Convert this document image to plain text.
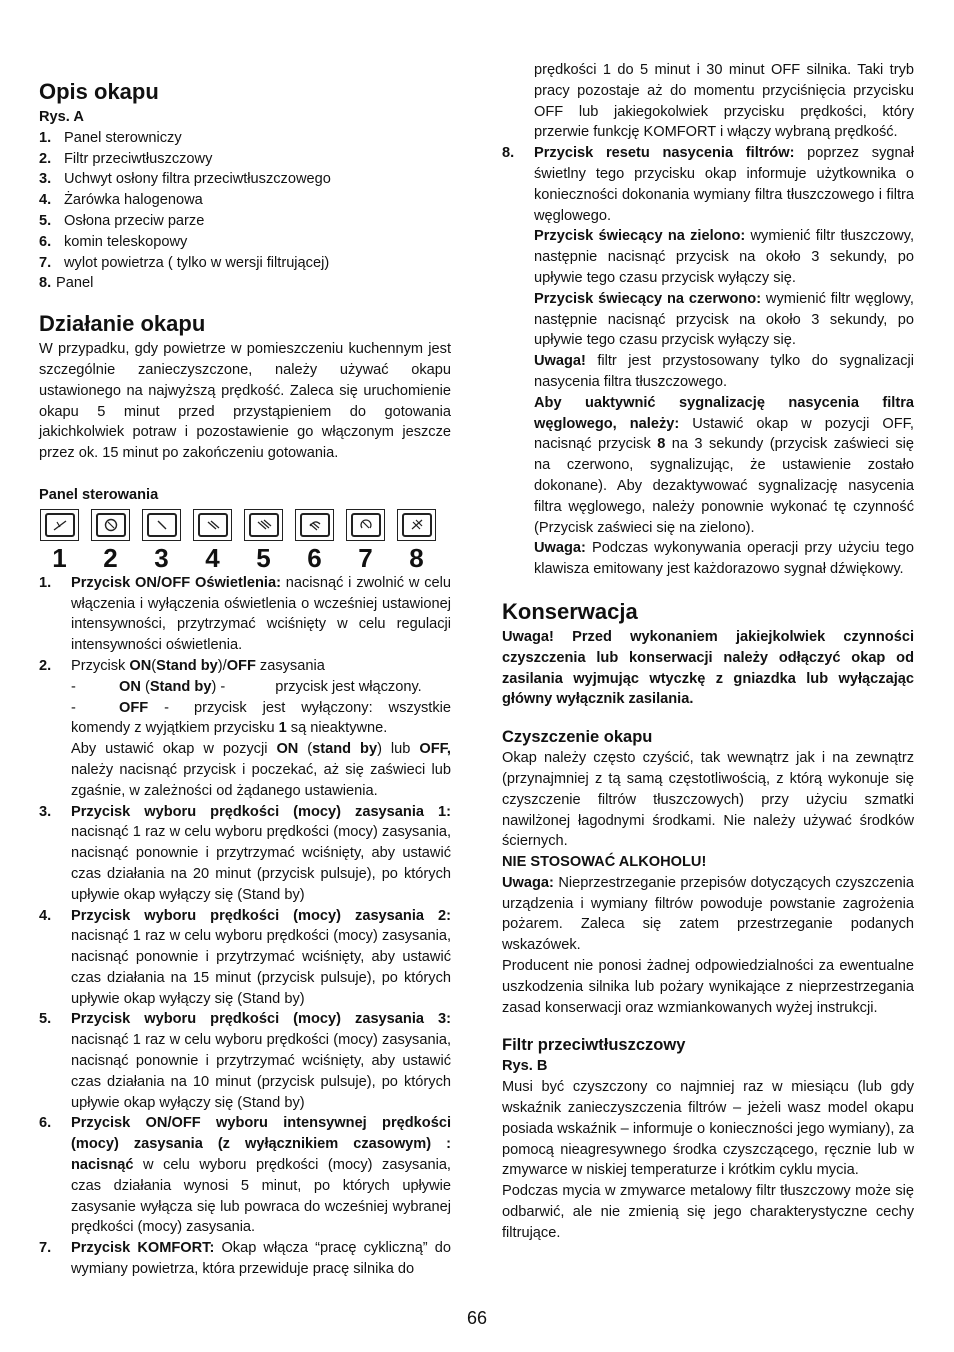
Opis okapu
Rys. A
1. Panel sterowniczy
2. Filtr przeciwtłuszczowy
3. Uchwyt osłony filtra przeciwtłuszczowego
4. Żarówka halogenowa
5. Osłona przeciw parze
6. komin teleskopowy
7. wylot powietrza ( tylko w wersji filtrującej)
8. Panel
Działanie okapu

W przypadku, gdy powietrze w pomieszczeniu kuchennym jest szczególnie zanieczyszczone, należy używać okapu ustawionego na najwyższą prędkość. Zaleca się uruchomienie okapu 5 minut przed przystąpieniem do gotowania jakichkolwiek potraw i pozostawienie go włączonym jeszcze przez ok. 15 minut po zakończeniu gotowania.

Panel sterowania
1 2 3 4 5 6 7 8
1.	Przycisk ON/OFF Oświetlenia: nacisnąć i zwolnić w celu włączenia i wyłączenia oświetlenia o wcześniej ustawionej intensywności, przytrzymać wciśnięty w celu regulacji intensywności oświetlenia.

2.	Przycisk ON(Stand by)/OFF zasysania

-	ON (Stand by) -	przycisk jest włączony.

-	OFF - przycisk jest wyłączony: wszystkie komendy z wyjątkiem przycisku 1 są nieaktywne.

Aby ustawić okap w pozycji ON (stand by) lub OFF, należy nacisnąć przycisk i poczekać, aż się zaświeci lub zgaśnie, w zależności od żądanego ustawienia.

3.	Przycisk wyboru prędkości (mocy) zasysania 1: nacisnąć 1 raz w celu wyboru prędkości (mocy) zasysania, nacisnąć ponownie i przytrzymać wciśnięty, aby ustawić czas działania na 20 minut (przycisk pulsuje), po których upływie okap wyłączy się (Stand by)

4.	Przycisk wyboru prędkości (mocy) zasysania 2: nacisnąć 1 raz w celu wyboru prędkości (mocy) zasysania, nacisnąć ponownie i przytrzymać wciśnięty, aby ustawić czas działania na 15 minut (przycisk pulsuje), po których upływie okap wyłączy się (Stand by)

5.	Przycisk wyboru prędkości (mocy) zasysania 3: nacisnąć 1 raz w celu wyboru prędkości (mocy) zasysania, nacisnąć ponownie i przytrzymać wciśnięty, aby ustawić czas działania na 10 minut (przycisk pulsuje), po których upływie okap wyłączy się (Stand by)

6.	Przycisk ON/OFF wyboru intensywnej prędkości (mocy) zasysania (z wyłącznikiem czasowym) : nacisnąć w celu wyboru prędkości (mocy) zasysania, czas działania wynosi 5 minut, po których upływie zasysanie wyłącza się lub powraca do wcześniej wybranej prędkości (mocy) zasysania.

7.	Przycisk KOMFORT: Okap włącza “pracę cykliczną” do wymiany powietrza, która przewiduje pracę silnika do

prędkości 1 do 5 minut i 30 minut OFF silnika. Taki tryb pracy pozostaje aż do momentu przyciśnięcia przycisku OFF lub jakiegokolwiek przycisku prędkości, który przerwie funkcję KOMFORT i włączy wybraną prędkość.

8.	Przycisk resetu nasycenia filtrów: poprzez sygnał świetlny tego przycisku okap informuje użytkownika o konieczności dokonania wymiany filtra tłuszczowego i filtra węglowego.

Przycisk świecący na zielono: wymienić filtr tłuszczowy, następnie nacisnąć przycisk na około 3 sekundy, po upływie tego czasu przycisk wyłączy się.

Przycisk świecący na czerwono: wymienić filtr węglowy, następnie nacisnąć przycisk na około 3 sekundy, po upływie tego czasu przycisk wyłączy się.

Uwaga! filtr jest przystosowany tylko do sygnalizacji nasycenia filtra tłuszczowego.

Aby uaktywnić sygnalizację nasycenia filtra węglowego, należy: Ustawić okap w pozycji OFF, nacisnąć przycisk 8 na 3 sekundy (przycisk zaświeci się na czerwono, sygnalizując, że ustawienie zostało dokonane). Aby dezaktywować sygnalizację nasycenia filtra węglowego, należy ponownie wykonać tę czynność (Przycisk zaświeci się na zielono).

Uwaga: Podczas wykonywania operacji przy użyciu tego klawisza emitowany jest każdorazowo sygnał dźwiękowy.

Konserwacja

Uwaga! Przed wykonaniem jakiejkolwiek czynności czyszczenia lub konserwacji należy odłączyć okap od zasilania wyjmując wtyczkę z gniazdka lub wyłączając główny wyłącznik zasilania.

Czyszczenie okapu

Okap należy często czyścić, tak wewnątrz jak i na zewnątrz (przynajmniej z tą samą częstotliwością, z którą wykonuje się czyszczenie filtrów tłuszczowych) przy użyciu szmatki nawilżonej łagodnymi środkami. Nie należy używać środków ściernych.

NIE STOSOWAĆ ALKOHOLU!

Uwaga: Nieprzestrzeganie przepisów dotyczących czyszczenia urządzenia i wymiany filtrów powoduje powstanie zagrożenia pożarem. Zaleca się zatem przestrzeganie podanych wskazówek.

Producent nie ponosi żadnej odpowiedzialności za ewentualne uszkodzenia silnika lub pożary wynikające z nieprzestrzegania zasad konserwacji oraz wzmiankowanych wyżej instrukcji.

Filtr przeciwtłuszczowy
Rys. B

Musi być czyszczony co najmniej raz w miesiącu (lub gdy wskaźnik zanieczyszczenia filtrów – jeżeli wasz model okapu posiada wskaźnik – informuje o konieczności jego wymiany), za pomocą nieagresywnego środka czyszczącego, ręcznie lub w zmywarce w niskiej temperaturze i krótkim cyklu mycia.

Podczas mycia w zmywarce metalowy filtr tłuszczowy może się odbarwić, ale nie zmienią się jego charakterystyczne cechy filtrujące.

66
